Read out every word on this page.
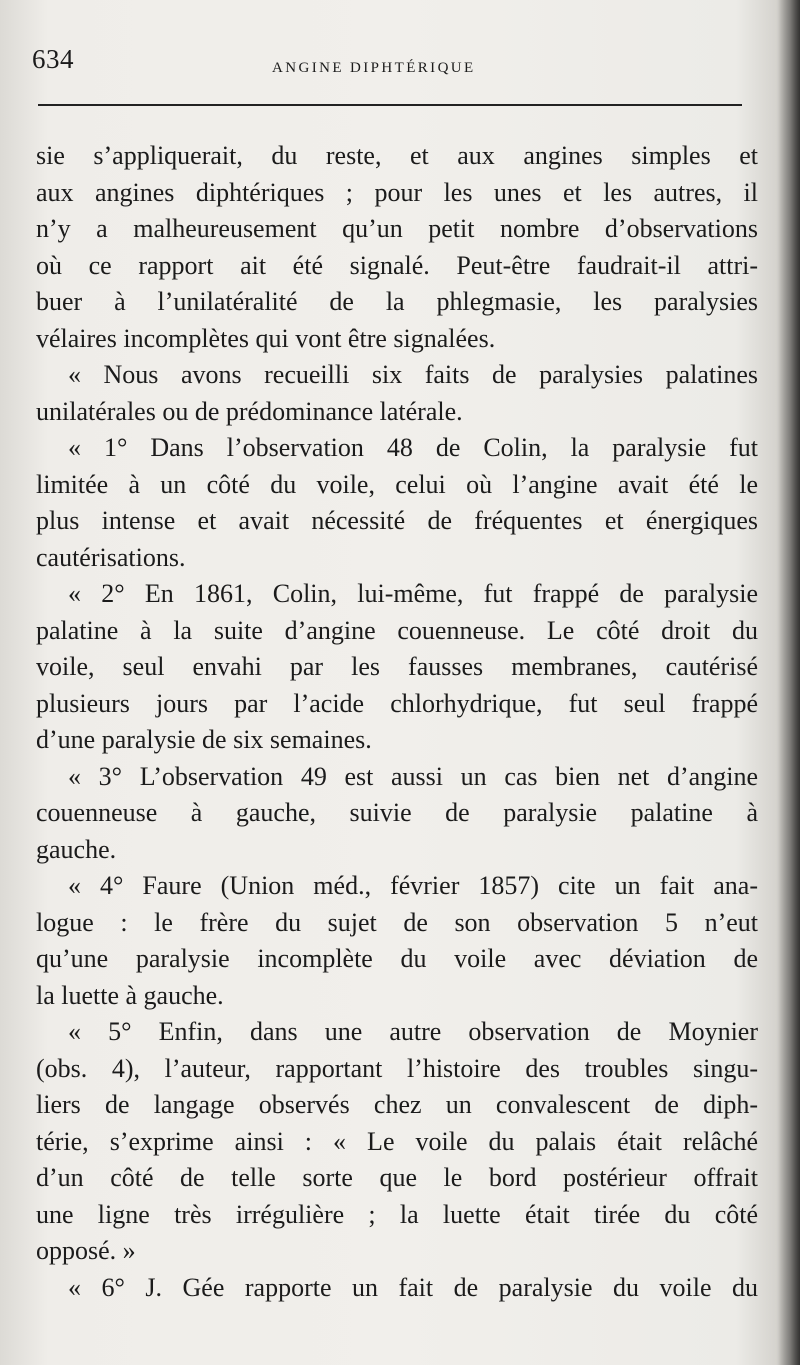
634	ANGINE DIPHTÉRIQUE
sie s’appliquerait, du reste, et aux angines simples et
aux angines diphtériques ; pour les unes et les autres, il
n’y a malheureusement qu’un petit nombre d’observations
où ce rapport ait été signalé. Peut-être faudrait-il attri-
buer à l’unilatéralité de la phlegmasie, les paralysies
vélaires incomplètes qui vont être signalées.
« Nous avons recueilli six faits de paralysies palatines
unilatérales ou de prédominance latérale.
« 1° Dans l’observation 48 de Colin, la paralysie fut
limitée à un côté du voile, celui où l’angine avait été le
plus intense et avait nécessité de fréquentes et énergiques
cautérisations.
« 2° En 1861, Colin, lui-même, fut frappé de paralysie
palatine à la suite d’angine couenneuse. Le côté droit du
voile, seul envahi par les fausses membranes, cautérisé
plusieurs jours par l’acide chlorhydrique, fut seul frappé
d’une paralysie de six semaines.
« 3° L’observation 49 est aussi un cas bien net d’angine
couenneuse à gauche, suivie de paralysie palatine à
gauche.
« 4° Faure (Union méd., février 1857) cite un fait ana-
logue : le frère du sujet de son observation 5 n’eut
qu’une paralysie incomplète du voile avec déviation de
la luette à gauche.
« 5° Enfin, dans une autre observation de Moynier
(obs. 4), l’auteur, rapportant l’histoire des troubles singu-
liers de langage observés chez un convalescent de diph-
térie, s’exprime ainsi : « Le voile du palais était relâché
d’un côté de telle sorte que le bord postérieur offrait
une ligne très irrégulière ; la luette était tirée du côté
opposé. »
« 6° J. Gée rapporte un fait de paralysie du voile du
